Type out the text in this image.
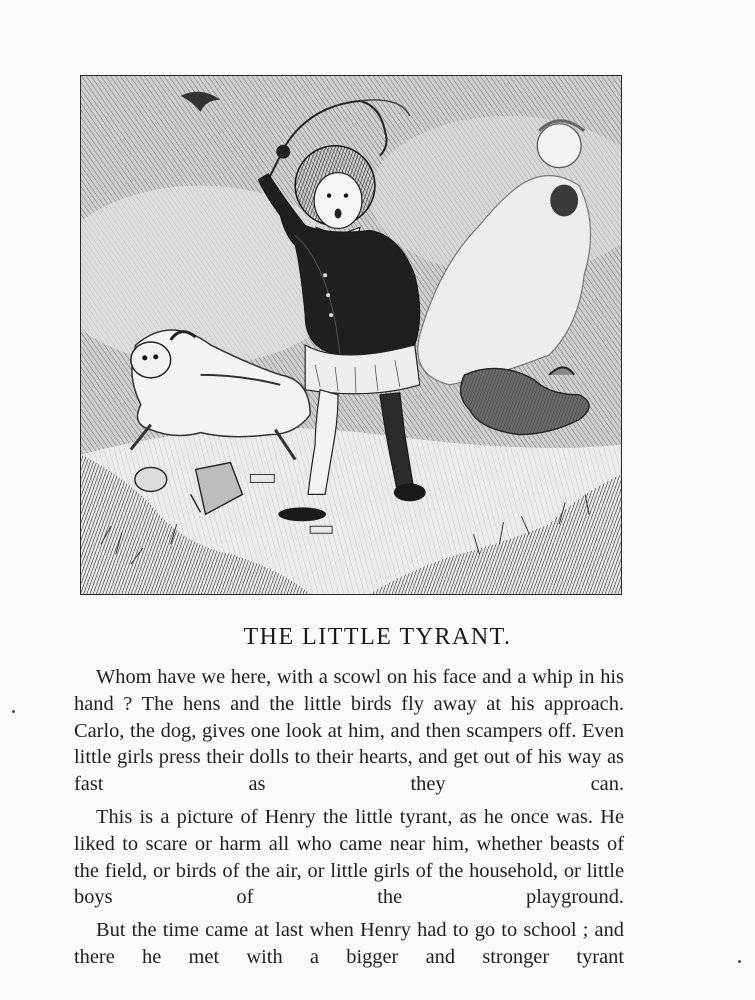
THE LITTLE TYRANT.

Whom have we here, with a scowl on his face and a whip in his hand ? The hens and the little birds fly away at his approach. Carlo, the dog, gives one look at him, and then scampers off. Even little girls press their dolls to their hearts, and get out of his way as fast as they can.

This is a picture of Henry the little tyrant, as he once was. He liked to scare or harm all who came near him, whether beasts of the field, or birds of the air, or little girls of the household, or little boys of the playground.

But the time came at last when Henry had to go to school ; and there he met with a bigger and stronger tyrant
